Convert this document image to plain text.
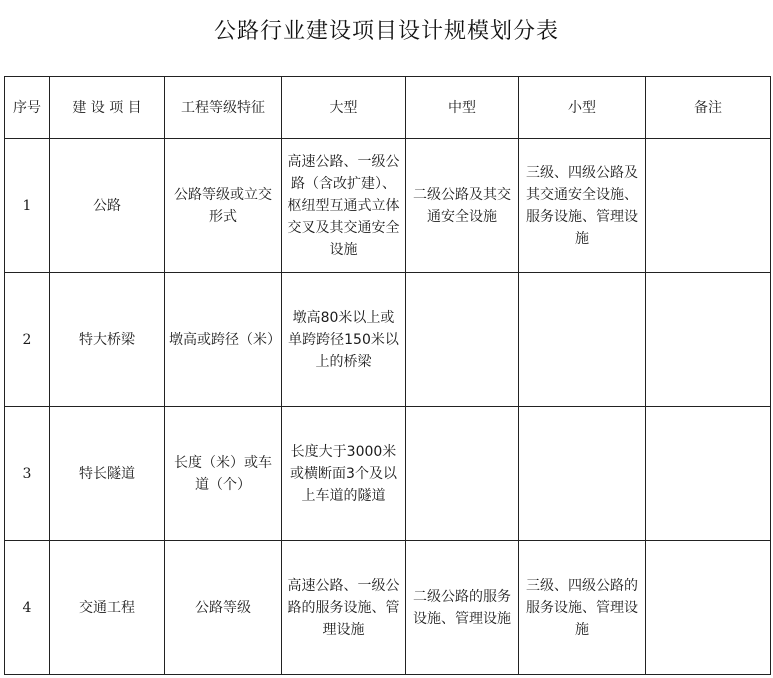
公路行业建设项目设计规模划分表
序号	建 设 项 目	工程等级特征	大型	中型	小型	备注
1	公路	公路等级或立交形式	高速公路、一级公路（含改扩建）、枢纽型互通式立体交叉及其交通安全设施	二级公路及其交通安全设施	三级、四级公路及其交通安全设施、服务设施、管理设施	
2	特大桥梁	墩高或跨径（米）	墩高80米以上或单跨跨径150米以上的桥梁			
3	特长隧道	长度（米）或车道（个）	长度大于3000米或横断面3个及以上车道的隧道			
4	交通工程	公路等级	高速公路、一级公路的服务设施、管理设施	二级公路的服务设施、管理设施	三级、四级公路的服务设施、管理设施	
